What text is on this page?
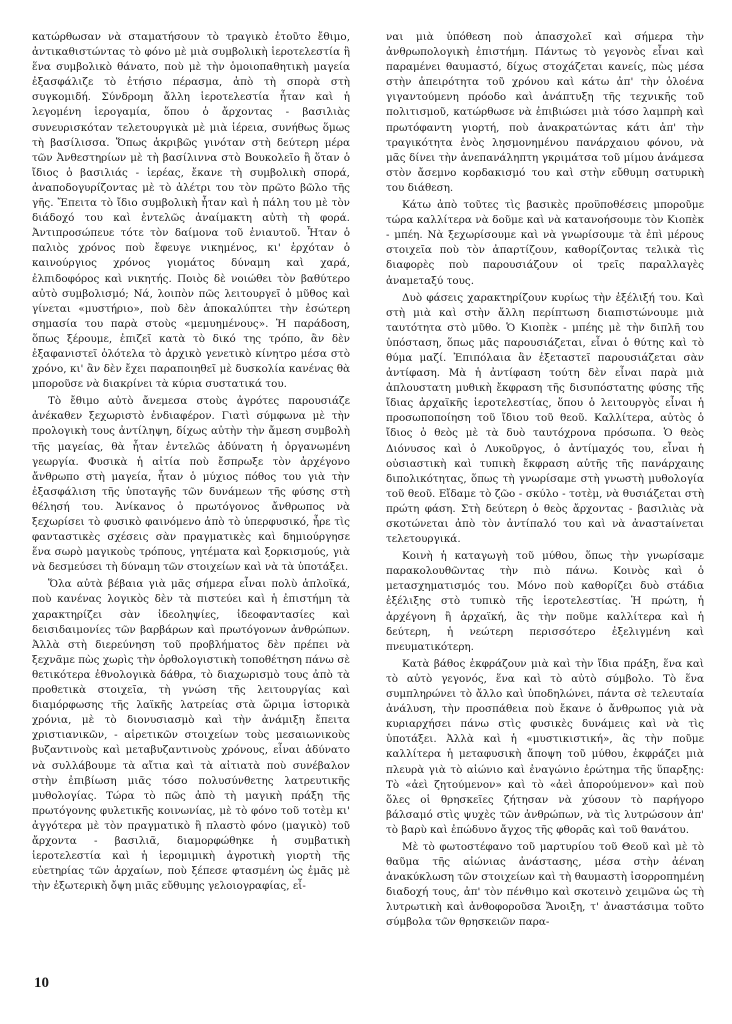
κατώρθωσαν νὰ σταματήσουν τὸ τραγικὸ ἐτοῦτο ἔθιμο, ἀντικαθιστώντας τὸ φόνο μὲ μιὰ συμβολικὴ ἱεροτελεστία ἢ ἕνα συμβολικὸ θάνατο, ποὺ μὲ τὴν ὁμοιοπαθητικὴ μαγεία ἐξασφάλιζε τὸ ἐτήσιο πέρασμα, ἀπὸ τὴ σπορὰ στὴ συγκομιδή. Σύνδρομη ἄλλη ἱεροτελεστία ἦταν καὶ ἡ λεγομένη ἱερογαμία, ὅπου ὁ ἄρχοντας - βασιλιὰς συνευρισκόταν τελετουργικὰ μὲ μιὰ ἱέρεια, συνήθως ὅμως τὴ βασίλισσα. Ὅπως ἀκριβῶς γινόταν στὴ δεύτερη μέρα τῶν Ἀνθεστηρίων μὲ τὴ βασίλιννα στὸ Βουκολεῖο ἢ ὅταν ὁ ἴδιος ὁ βασιλιάς - ἱερέας, ἔκανε τὴ συμβολικὴ σπορά, ἀναποδογυρίζοντας μὲ τὸ ἀλέτρι του τὸν πρῶτο βῶλο τῆς γῆς. Ἔπειτα τὸ ἴδιο συμβολικὴ ἦταν καὶ ἡ πάλη του μὲ τὸν διάδοχό του καὶ ἐντελῶς ἀναίμακτη αὐτὴ τὴ φορά. Ἀντιπροσώπευε τότε τὸν δαίμονα τοῦ ἐνιαυτοῦ. Ἦταν ὁ παλιὸς χρόνος ποὺ ἔφευγε νικημένος, κι' ἐρχόταν ὁ καινούργιος χρόνος γιομάτος δύναμη καὶ χαρά, ἐλπιδοφόρος καὶ νικητής. Ποιὸς δὲ νοιώθει τὸν βαθύτερο αὐτὸ συμβολισμό; Νά, λοιπὸν πῶς λειτουργεῖ ὁ μῦθος καὶ γίνεται «μυστήριο», ποὺ δὲν ἀποκαλύπτει τὴν ἐσώτερη σημασία του παρὰ στοὺς «μεμυημένους». Ἡ παράδοση, ὅπως ξέρουμε, ἐπιζεῖ κατὰ τὸ δικό της τρόπο, ἂν δὲν ἐξαφανιστεῖ ὁλότελα τὸ ἀρχικὸ γενετικὸ κίνητρο μέσα στὸ χρόνο, κι' ἂν δὲν ἔχει παραποιηθεῖ μὲ δυσκολία κανένας θὰ μποροῦσε νὰ διακρίνει τὰ κύρια συστατικά του.

Τὸ ἔθιμο αὐτὸ ἄνεμεσα στοὺς ἀγρότες παρουσιάζε ἀνέκαθεν ξεχωριστὸ ἐνδιαφέρον. Γιατὶ σύμφωνα μὲ τὴν προλογικὴ τους ἀντίληψη, δίχως αὐτὴν τὴν ἄμεση συμβολὴ τῆς μαγείας, θὰ ἦταν ἐντελῶς ἀδύνατη ἡ ὀργανωμένη γεωργία. Φυσικὰ ἡ αἰτία ποὺ ἔσπρωξε τὸν ἀρχέγονο ἄνθρωπο στὴ μαγεία, ἦταν ὁ μύχιος πόθος του γιὰ τὴν ἐξασφάλιση τῆς ὑποταγῆς τῶν δυνάμεων τῆς φύσης στὴ θέλησή του. Ἀνίκανος ὁ πρωτόγονος ἄνθρωπος νὰ ξεχωρίσει τὸ φυσικὸ φαινόμενο ἀπὸ τὸ ὑπερφυσικό, ἦρε τὶς φανταστικὲς σχέσεις σὰν πραγματικὲς καὶ δημιούργησε ἕνα σωρὸ μαγικοὺς τρόπους, γητέματα καὶ ξορκισμούς, γιὰ νὰ δεσμεύσει τὴ δύναμη τῶν στοιχείων καὶ νὰ τὰ ὑποτάξει.

Ὅλα αὐτὰ βέβαια γιὰ μᾶς σήμερα εἶναι πολὺ ἁπλοϊκά, ποὺ κανένας λογικὸς δὲν τὰ πιστεύει καὶ ἡ ἐπιστήμη τὰ χαρακτηρίζει σὰν ἰδεοληψίες, ἰδεοφαντασίες καὶ δεισιδαιμονίες τῶν βαρβάρων καὶ πρωτόγονων ἀνθρώπων. Ἀλλὰ στὴ διερεύνηση τοῦ προβλήματος δὲν πρέπει νὰ ξεχνᾶμε πὼς χωρὶς τὴν ὀρθολογιστικὴ τοποθέτηση πάνω σὲ θετικότερα ἐθνολογικὰ δάθρα, τὸ διαχωρισμὸ τους ἀπὸ τὰ προθετικὰ στοιχεῖα, τὴ γνώση τῆς λειτουργίας καὶ διαμόρφωσης τῆς λαϊκῆς λατρείας στὰ ὥριμα ἱστορικὰ χρόνια, μὲ τὸ διονυσιασμὸ καὶ τὴν ἀνάμιξη ἔπειτα χριστιανικῶν, - αἱρετικῶν στοιχείων τοὺς μεσαιωνικοὺς βυζαντινοὺς καὶ μεταβυζαντινοὺς χρόνους, εἶναι ἀδύνατο νὰ συλλάβουμε τὰ αἴτια καὶ τὰ αἰτιατὰ ποὺ συνέβαλον στὴν ἐπιβίωση μιᾶς τόσο πολυσύνθετης λατρευτικῆς μυθολογίας. Τώρα τὸ πῶς ἀπὸ τὴ μαγικὴ πράξη τῆς πρωτόγονης φυλετικῆς κοινωνίας, μὲ τὸ φόνο τοῦ τοτὲμ κι' ἀγγότερα μὲ τὸν πραγματικὸ ἢ πλαστὸ φόνο (μαγικὸ) τοῦ ἄρχοντα - βασιλιᾶ, διαμορφώθηκε ἡ συμβατικὴ ἱεροτελεστία καὶ ἡ ἱερομιμικὴ ἀγροτικὴ γιορτὴ τῆς εὐετηρίας τῶν ἀρχαίων, ποὺ ξέπεσε φτασμένη ὡς ἐμᾶς μὲ τὴν ἐξωτερικὴ ὄψη μιᾶς εὔθυμης γελοιογραφίας, εἶ-

ναι μιὰ ὑπόθεση ποὺ ἀπασχολεῖ καὶ σήμερα τὴν ἀνθρωπολογικὴ ἐπιστήμη. Πάντως τὸ γεγονὸς εἶναι καὶ παραμένει θαυμαστό, δίχως στοχάζεται κανείς, πὼς μέσα στὴν ἀπειρότητα τοῦ χρόνου καὶ κάτω ἀπ' τὴν ὁλοένα γιγαντούμενη πρόοδο καὶ ἀνάπτυξη τῆς τεχνικῆς τοῦ πολιτισμοῦ, κατώρθωσε νὰ ἐπιβιώσει μιὰ τόσο λαμπρὴ καὶ πρωτόφαντη γιορτή, ποὺ ἀνακρατώντας κάτι ἀπ' τὴν τραγικότητα ἑνὸς λησμονημένου πανάρχαιου φόνου, νὰ μᾶς δίνει τὴν ἀνεπανάληπτη γκριμάτσα τοῦ μίμου ἀνάμεσα στὸν ἄσεμνο κορδακισμό του καὶ στὴν εὔθυμη σατυρικὴ του διάθεση.

Κάτω ἀπὸ τοῦτες τὶς βασικὲς προϋποθέσεις μποροῦμε τώρα καλλίτερα νὰ δοῦμε καὶ νὰ κατανοήσουμε τὸν Κιοπὲκ - μπέη. Νὰ ξεχωρίσουμε καὶ νὰ γνωρίσουμε τὰ ἐπὶ μέρους στοιχεῖα ποὺ τὸν ἀπαρτίζουν, καθορίζοντας τελικὰ τὶς διαφορὲς ποὺ παρουσιάζουν οἱ τρεῖς παραλλαγὲς ἀναμεταξύ τους.

Δυὸ φάσεις χαρακτηρίζουν κυρίως τὴν ἐξέλιξή του. Καὶ στὴ μιὰ καὶ στὴν ἄλλη περίπτωση διαπιστώνουμε μιὰ ταυτότητα στὸ μῦθο. Ὁ Κιοπὲκ - μπέης μὲ τὴν διπλῆ του ὑπόσταση, ὅπως μᾶς παρουσιάζεται, εἶναι ὁ θύτης καὶ τὸ θύμα μαζί. Ἐπιπόλαια ἂν ἐξεταστεῖ παρουσιάζεται σὰν ἀντίφαση. Μὰ ἡ ἀντίφαση τούτη δὲν εἶναι παρὰ μιὰ ἀπλουστατη μυθικὴ ἔκφραση τῆς δισυπόστατης φύσης τῆς ἴδιας ἀρχαϊκῆς ἱεροτελεστίας, ὅπου ὁ λειτουργὸς εἶναι ἡ προσωποποίηση τοῦ ἴδιου τοῦ θεοῦ. Καλλίτερα, αὐτὸς ὁ ἴδιος ὁ θεὸς μὲ τὰ δυὸ ταυτόχρονα πρόσωπα. Ὁ θεὸς Διόνυσος καὶ ὁ Λυκοῦργος, ὁ ἀντίμαχός του, εἶναι ἡ οὐσιαστικὴ καὶ τυπικὴ ἔκφραση αὐτῆς τῆς πανάρχαιης διπολικότητας, ὅπως τὴ γνωρίσαμε στὴ γνωστὴ μυθολογία τοῦ θεοῦ. Εἴδαμε τὸ ζῶο - σκύλο - τοτὲμ, νὰ θυσιάζεται στὴ πρώτη φάση. Στὴ δεύτερη ὁ θεὸς ἄρχοντας - βασιλιὰς νὰ σκοτώνεται ἀπὸ τὸν ἀντίπαλό του καὶ νὰ ἀναστaίνεται τελετουργικά.

Κοινὴ ἡ καταγωγὴ τοῦ μύθου, ὅπως τὴν γνωρίσαμε παρακολουθῶντας τὴν πιὸ πάνω. Κοινὸς καὶ ὁ μετασχηματισμός του. Μόνο ποὺ καθορίζει δυὸ στάδια ἐξέλιξης στὸ τυπικὸ τῆς ἱεροτελεστίας. Ἡ πρώτη, ἡ ἀρχέγονη ἢ ἀρχαϊκή, ἂς τὴν ποῦμε καλλίτερα καὶ ἡ δεύτερη, ἡ νεώτερη περισσότερο ἐξελιγμένη καὶ πνευματικότερη.

Κατὰ βάθος ἐκφράζουν μιὰ καὶ τὴν ἴδια πράξη, ἕνα καὶ τὸ αὐτὸ γεγονός, ἕνα καὶ τὸ αὐτὸ σύμβολο. Τὸ ἕνα συμπληρώνει τὸ ἄλλο καὶ ὑποδηλώνει, πάντα σὲ τελευταία ἀνάλυση, τὴν προσπάθεια ποὺ ἔκανε ὁ ἄνθρωπος γιὰ νὰ κυριαρχήσει πάνω στὶς φυσικὲς δυνάμεις καὶ νὰ τὶς ὑποτάξει. Ἀλλὰ καὶ ἡ «μυστικιστική», ἂς τὴν ποῦμε καλλίτερα ἡ μεταφυσικὴ ἄποψη τοῦ μύθου, ἐκφράζει μιὰ πλευρὰ γιὰ τὸ αἰώνιο καὶ ἐναγώνιο ἐρώτημα τῆς ὕπαρξης: Τὸ «ἀεὶ ζητούμενον» καὶ τὸ «ἀεὶ ἀπορούμενον» καὶ ποὺ ὅλες οἱ θρησκεῖες ζήτησαν νὰ χύσουν τὸ παρήγορο βάλσαμό στὶς ψυχὲς τῶν ἀνθρώπων, νὰ τὶς λυτρώσουν ἀπ' τὸ βαρὺ καὶ ἐπώδυνο ἄγχος τῆς φθορᾶς καὶ τοῦ θανάτου.

Μὲ τὸ φωτοστέφανο τοῦ μαρτυρίου τοῦ Θεοῦ καὶ μὲ τὸ θαῦμα τῆς αἰώνιας ἀνάστασης, μέσα στὴν ἀέναη ἀνακύκλωση τῶν στοιχείων καὶ τὴ θαυμαστὴ ἰσορροπημένη διαδοχή τους, ἀπ' τὸν πένθιμο καὶ σκοτεινὸ χειμῶνα ὡς τὴ λυτρωτικὴ καὶ ἀνθοφοροῦσα Ἄνοιξη, τ' ἀναστάσιμα τοῦτο σύμβολα τῶν θρησκειῶν παρα-

10
